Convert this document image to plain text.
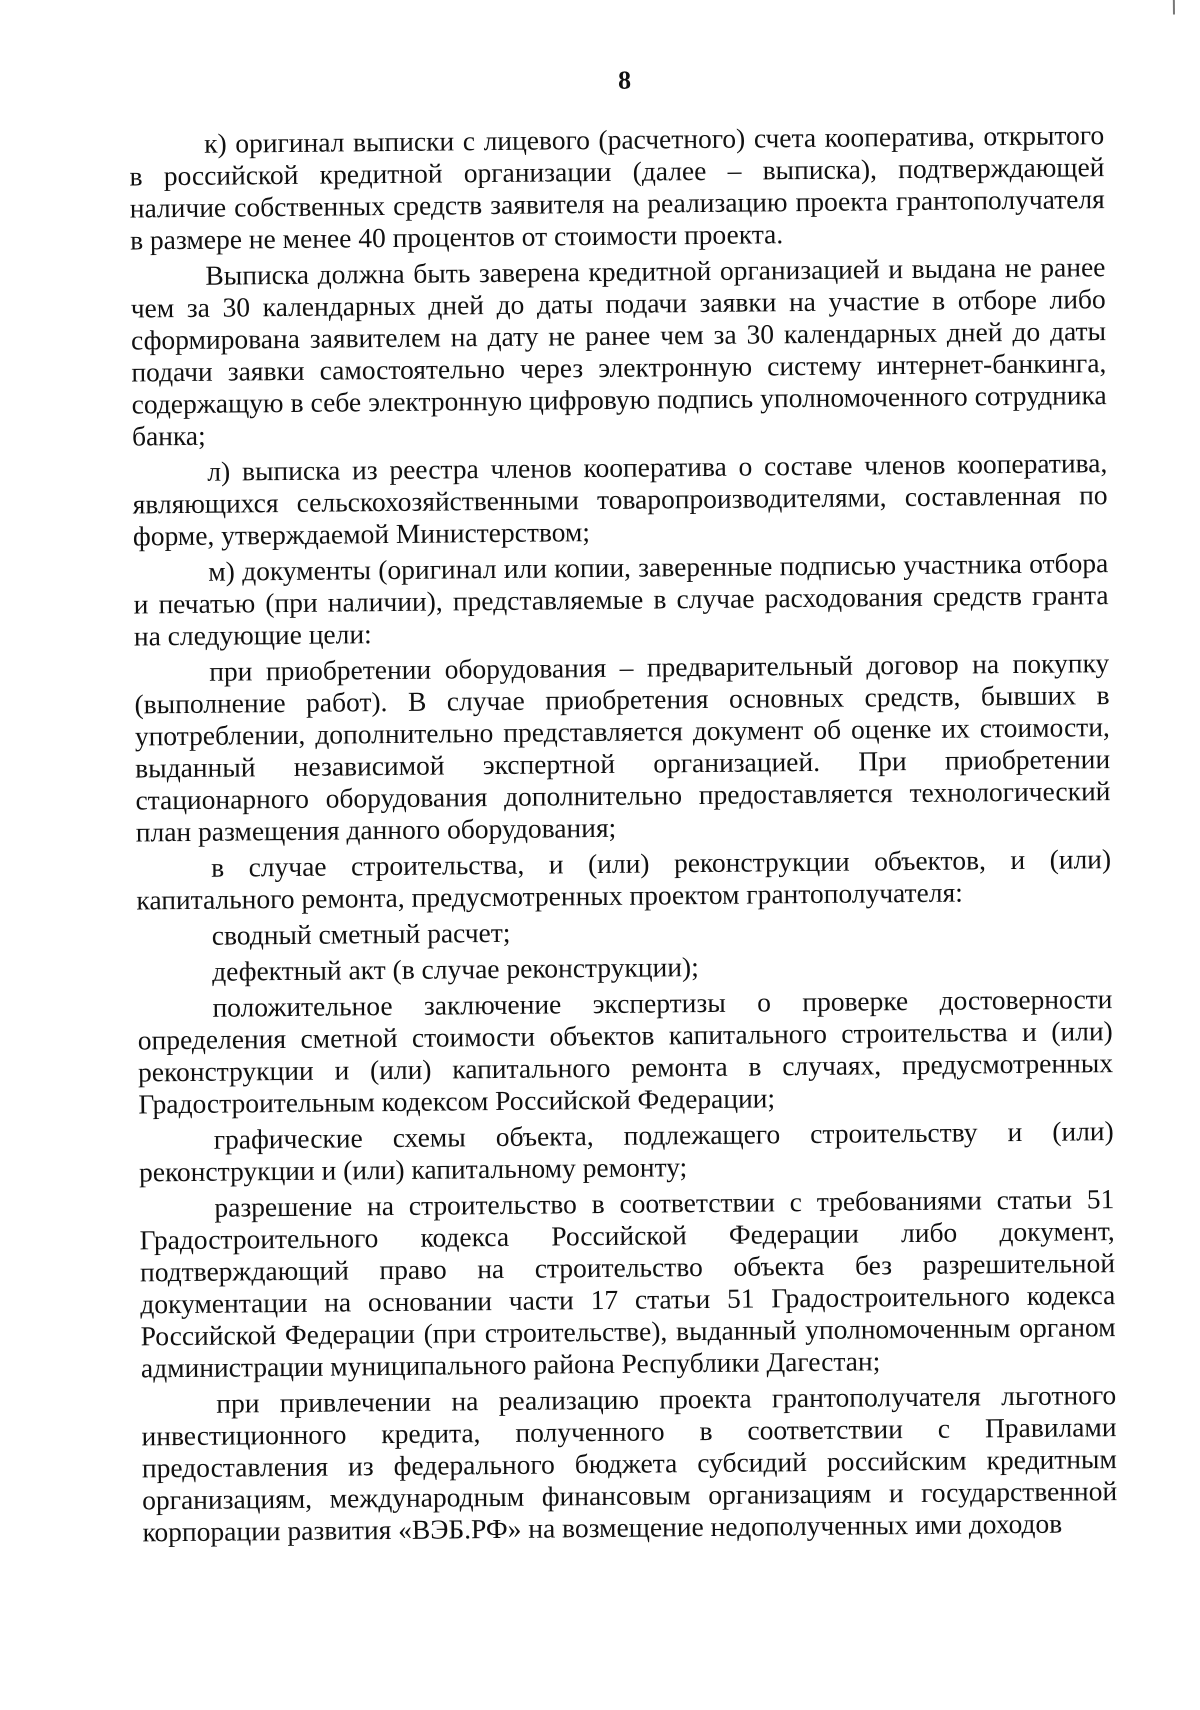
8

к) оригинал выписки с лицевого (расчетного) счета кооператива, открытого в российской кредитной организации (далее – выписка), подтверждающей наличие собственных средств заявителя на реализацию проекта грантополучателя в размере не менее 40 процентов от стоимости проекта.

Выписка должна быть заверена кредитной организацией и выдана не ранее чем за 30 календарных дней до даты подачи заявки на участие в отборе либо сформирована заявителем на дату не ранее чем за 30 календарных дней до даты подачи заявки самостоятельно через электронную систему интернет-банкинга, содержащую в себе электронную цифровую подпись уполномоченного сотрудника банка;

л) выписка из реестра членов кооператива о составе членов кооператива, являющихся сельскохозяйственными товаропроизводителями, составленная по форме, утверждаемой Министерством;

м) документы (оригинал или копии, заверенные подписью участника отбора и печатью (при наличии), представляемые в случае расходования средств гранта на следующие цели:

при приобретении оборудования – предварительный договор на покупку (выполнение работ). В случае приобретения основных средств, бывших в употреблении, дополнительно представляется документ об оценке их стоимости, выданный независимой экспертной организацией. При приобретении стационарного оборудования дополнительно предоставляется технологический план размещения данного оборудования;

в случае строительства, и (или) реконструкции объектов, и (или) капитального ремонта, предусмотренных проектом грантополучателя:

сводный сметный расчет;

дефектный акт (в случае реконструкции);

положительное заключение экспертизы о проверке достоверности определения сметной стоимости объектов капитального строительства и (или) реконструкции и (или) капитального ремонта в случаях, предусмотренных Градостроительным кодексом Российской Федерации;

графические схемы объекта, подлежащего строительству и (или) реконструкции и (или) капитальному ремонту;

разрешение на строительство в соответствии с требованиями статьи 51 Градостроительного кодекса Российской Федерации либо документ, подтверждающий право на строительство объекта без разрешительной документации на основании части 17 статьи 51 Градостроительного кодекса Российской Федерации (при строительстве), выданный уполномоченным органом администрации муниципального района Республики Дагестан;

при привлечении на реализацию проекта грантополучателя льготного инвестиционного кредита, полученного в соответствии с Правилами предоставления из федерального бюджета субсидий российским кредитным организациям, международным финансовым организациям и государственной корпорации развития «ВЭБ.РФ» на возмещение недополученных ими доходов
